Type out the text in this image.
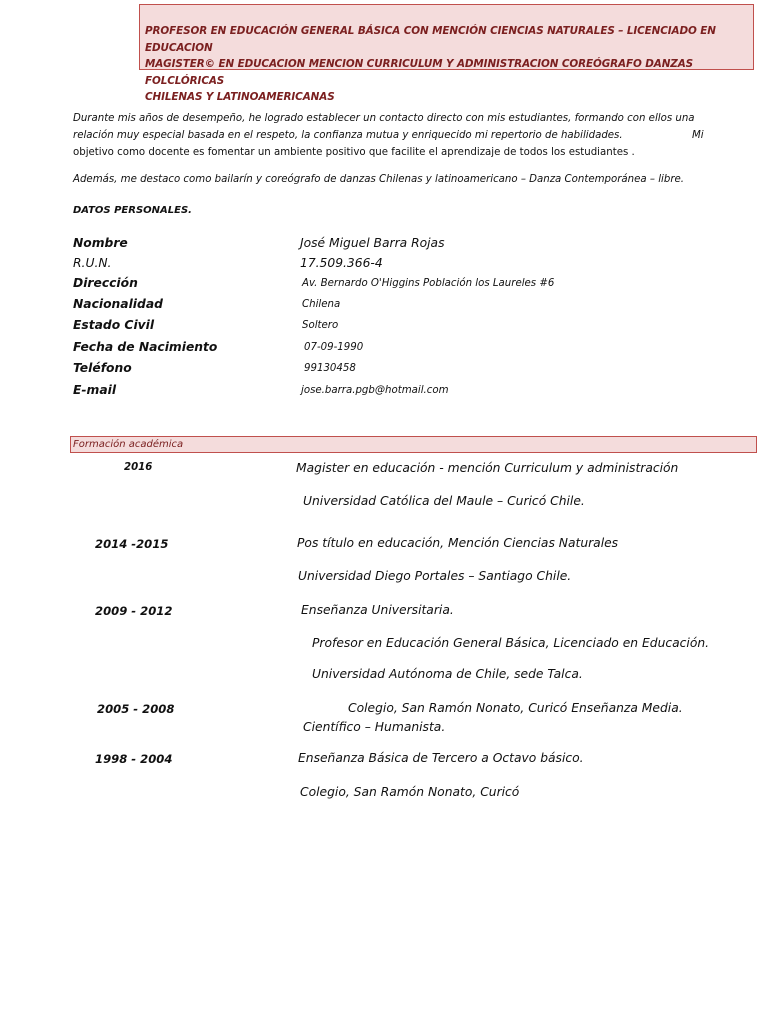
PROFESOR EN EDUCACIÓN GENERAL BÁSICA CON MENCIÓN CIENCIAS NATURALES – LICENCIADO EN EDUCACION
MAGISTER© EN EDUCACION MENCION CURRICULUM Y ADMINISTRACION COREÓGRAFO DANZAS FOLCLÓRICAS
CHILENAS Y LATINOAMERICANAS

Durante mis años de desempeño, he logrado establecer un contacto directo con mis estudiantes, formando con ellos una

relación muy especial basada en el respeto, la confianza mutua y enriquecido mi repertorio de habilidades.	Mi

objetivo como docente es fomentar un ambiente positivo que facilite el aprendizaje de todos los estudiantes .

Además, me destaco como bailarín y coreógrafo de danzas Chilenas y latinoamericano – Danza Contemporánea – libre.
DATOS PERSONALES.
Nombre	José Miguel Barra Rojas
R.U.N.	17.509.366-4
Dirección	Av. Bernardo O'Higgins Población los Laureles #6
Nacionalidad	Chilena
Estado Civil	Soltero
Fecha de Nacimiento	07-09-1990
Teléfono	99130458
E-mail	jose.barra.pgb@hotmail.com
Formación académica
2016	Magister en educación - mención Curriculum y administración
Universidad Católica del Maule – Curicó Chile.
2014 -2015	Pos título en educación, Mención Ciencias Naturales
Universidad Diego Portales – Santiago Chile.
2009 - 2012	Enseñanza Universitaria.
Profesor en Educación General Básica, Licenciado en Educación.
Universidad Autónoma de Chile, sede Talca.
2005 - 2008	Colegio, San Ramón Nonato, Curicó Enseñanza Media.
Científico – Humanista.
1998 - 2004	Enseñanza Básica de Tercero a Octavo básico.
Colegio, San Ramón Nonato, Curicó
